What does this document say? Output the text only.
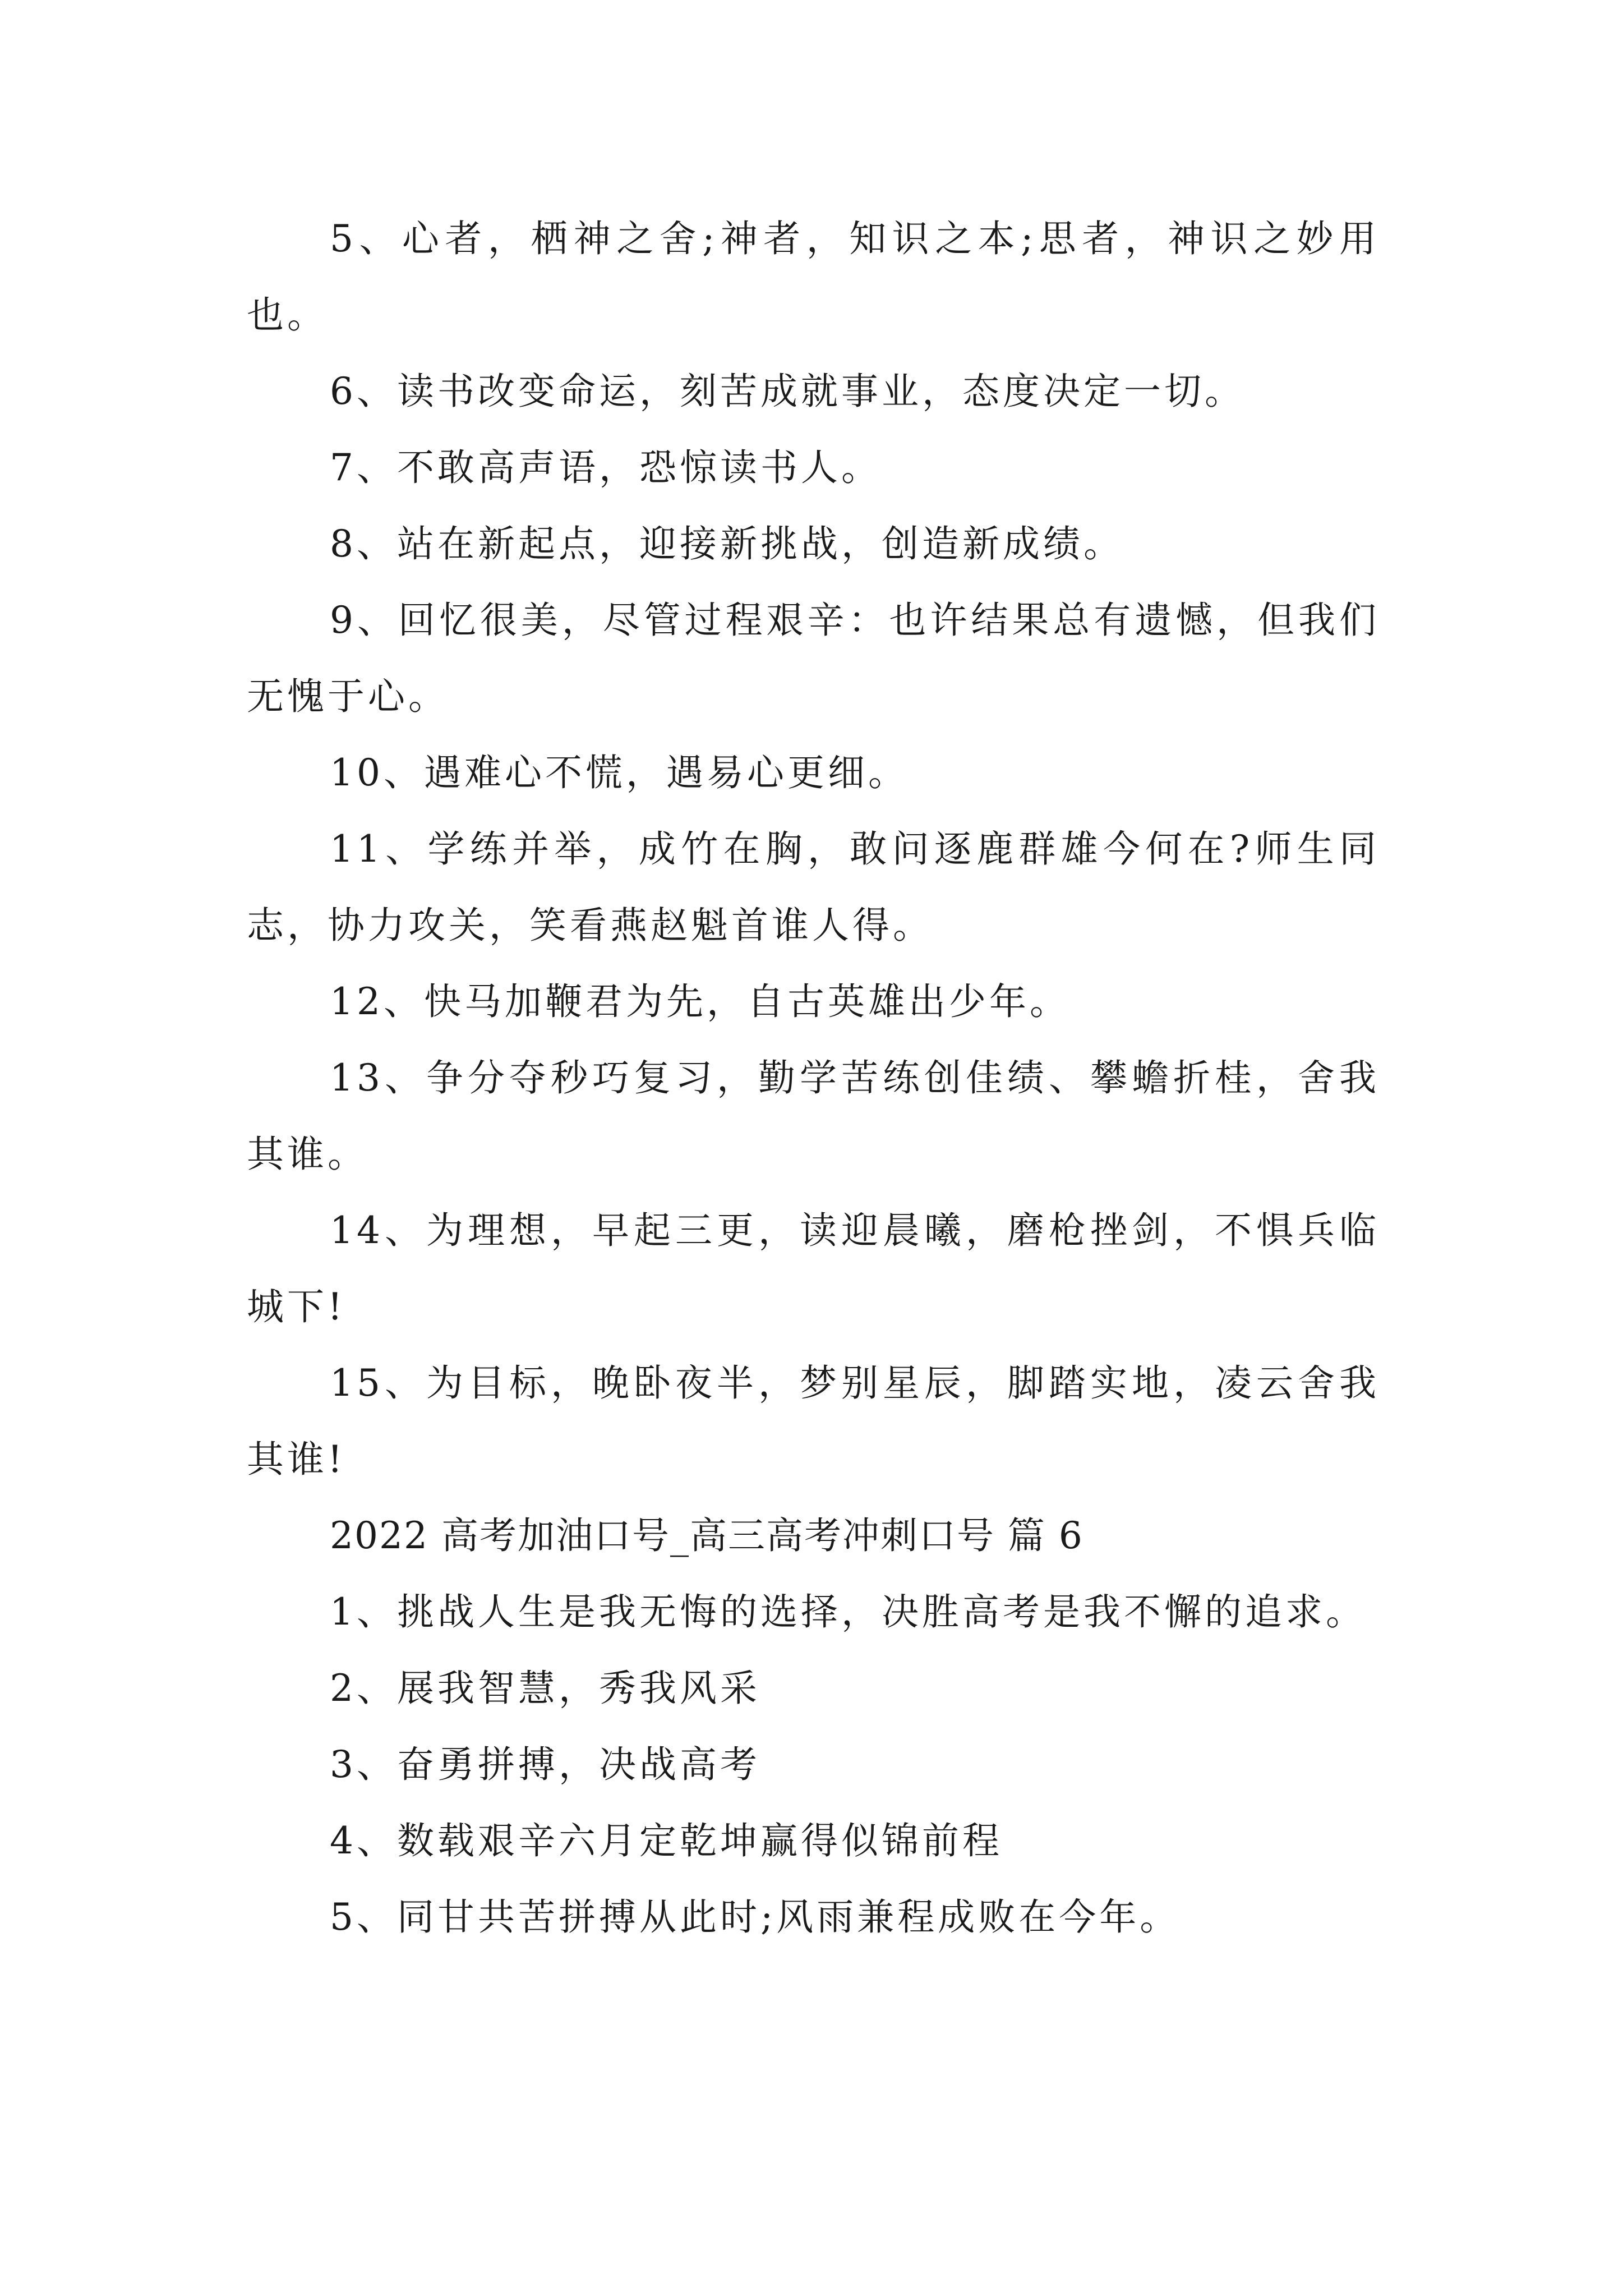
5、心者，栖神之舍;神者，知识之本;思者，神识之妙用也。

6、读书改变命运，刻苦成就事业，态度决定一切。

7、不敢高声语，恐惊读书人。

8、站在新起点，迎接新挑战，创造新成绩。

9、回忆很美，尽管过程艰辛：也许结果总有遗憾，但我们无愧于心。

10、遇难心不慌，遇易心更细。

11、学练并举，成竹在胸，敢问逐鹿群雄今何在?师生同志，协力攻关，笑看燕赵魁首谁人得。

12、快马加鞭君为先，自古英雄出少年。

13、争分夺秒巧复习，勤学苦练创佳绩、攀蟾折桂，舍我其谁。

14、为理想，早起三更，读迎晨曦，磨枪挫剑，不惧兵临城下!

15、为目标，晚卧夜半，梦别星辰，脚踏实地，凌云舍我其谁!

2022 高考加油口号_高三高考冲刺口号 篇 6

1、挑战人生是我无悔的选择，决胜高考是我不懈的追求。

2、展我智慧，秀我风采

3、奋勇拼搏，决战高考

4、数载艰辛六月定乾坤赢得似锦前程

5、同甘共苦拼搏从此时;风雨兼程成败在今年。
